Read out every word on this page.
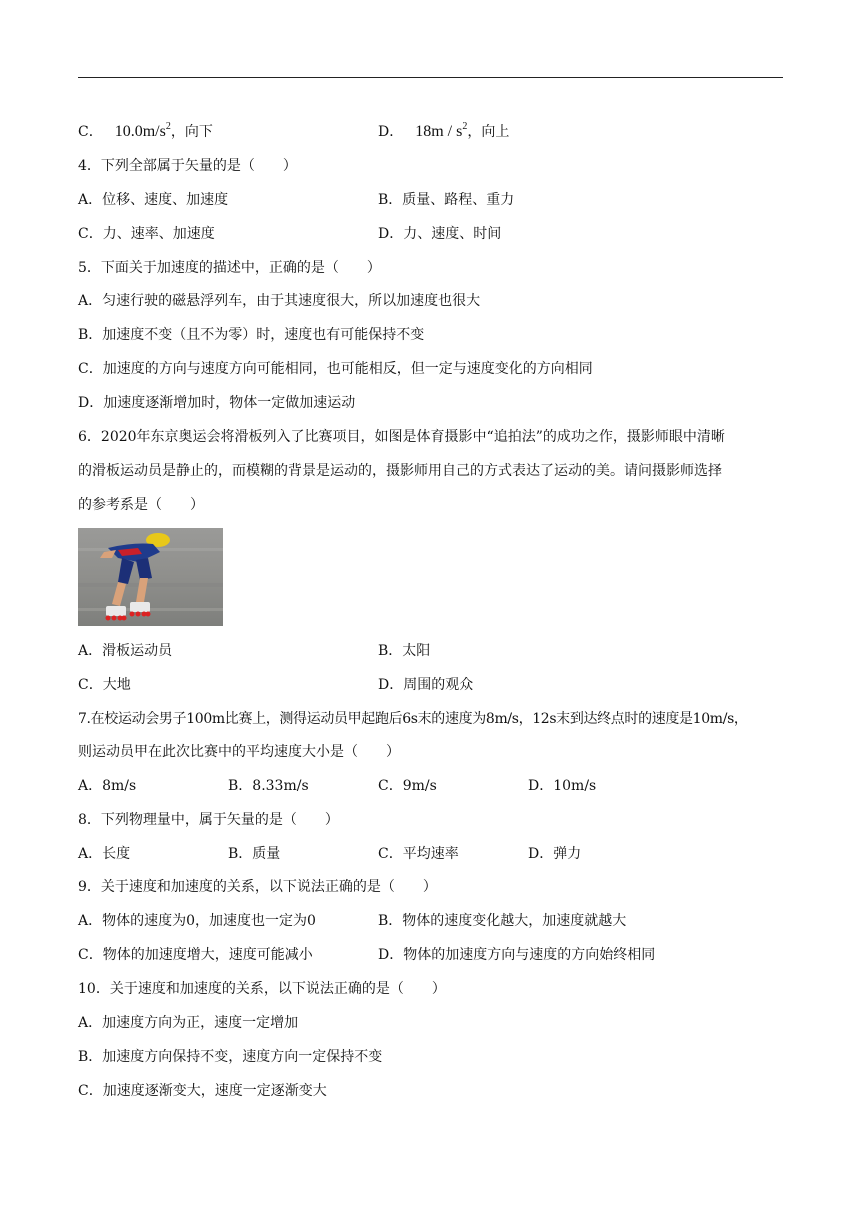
C． $10.0m/s^2$，向下	D． $18m / s^2$，向上
4．下列全部属于矢量的是（　　）
A．位移、速度、加速度	B．质量、路程、重力
C．力、速率、加速度	D．力、速度、时间
5．下面关于加速度的描述中，正确的是（　　）
A．匀速行驶的磁悬浮列车，由于其速度很大，所以加速度也很大
B．加速度不变（且不为零）时，速度也有可能保持不变
C．加速度的方向与速度方向可能相同，也可能相反，但一定与速度变化的方向相同
D．加速度逐渐增加时，物体一定做加速运动
6．2020年东京奥运会将滑板列入了比赛项目，如图是体育摄影中“追拍法”的成功之作，摄影师眼中清晰
的滑板运动员是静止的，而模糊的背景是运动的，摄影师用自己的方式表达了运动的美。请问摄影师选择
的参考系是（　　）
A．滑板运动员	B．太阳
C．大地	D．周围的观众
7.在校运动会男子100m比赛上，测得运动员甲起跑后6s末的速度为8m/s，12s末到达终点时的速度是10m/s，
则运动员甲在此次比赛中的平均速度大小是（　　）
A．8m/s	B．8.33m/s	C．9m/s	D．10m/s
8．下列物理量中，属于矢量的是（　　）
A．长度	B．质量	C．平均速率	D．弹力
9．关于速度和加速度的关系，以下说法正确的是（　　）
A．物体的速度为0，加速度也一定为0	B．物体的速度变化越大，加速度就越大
C．物体的加速度增大，速度可能减小	D．物体的加速度方向与速度的方向始终相同
10．关于速度和加速度的关系，以下说法正确的是（　　）
A．加速度方向为正，速度一定增加
B．加速度方向保持不变，速度方向一定保持不变
C．加速度逐渐变大，速度一定逐渐变大
